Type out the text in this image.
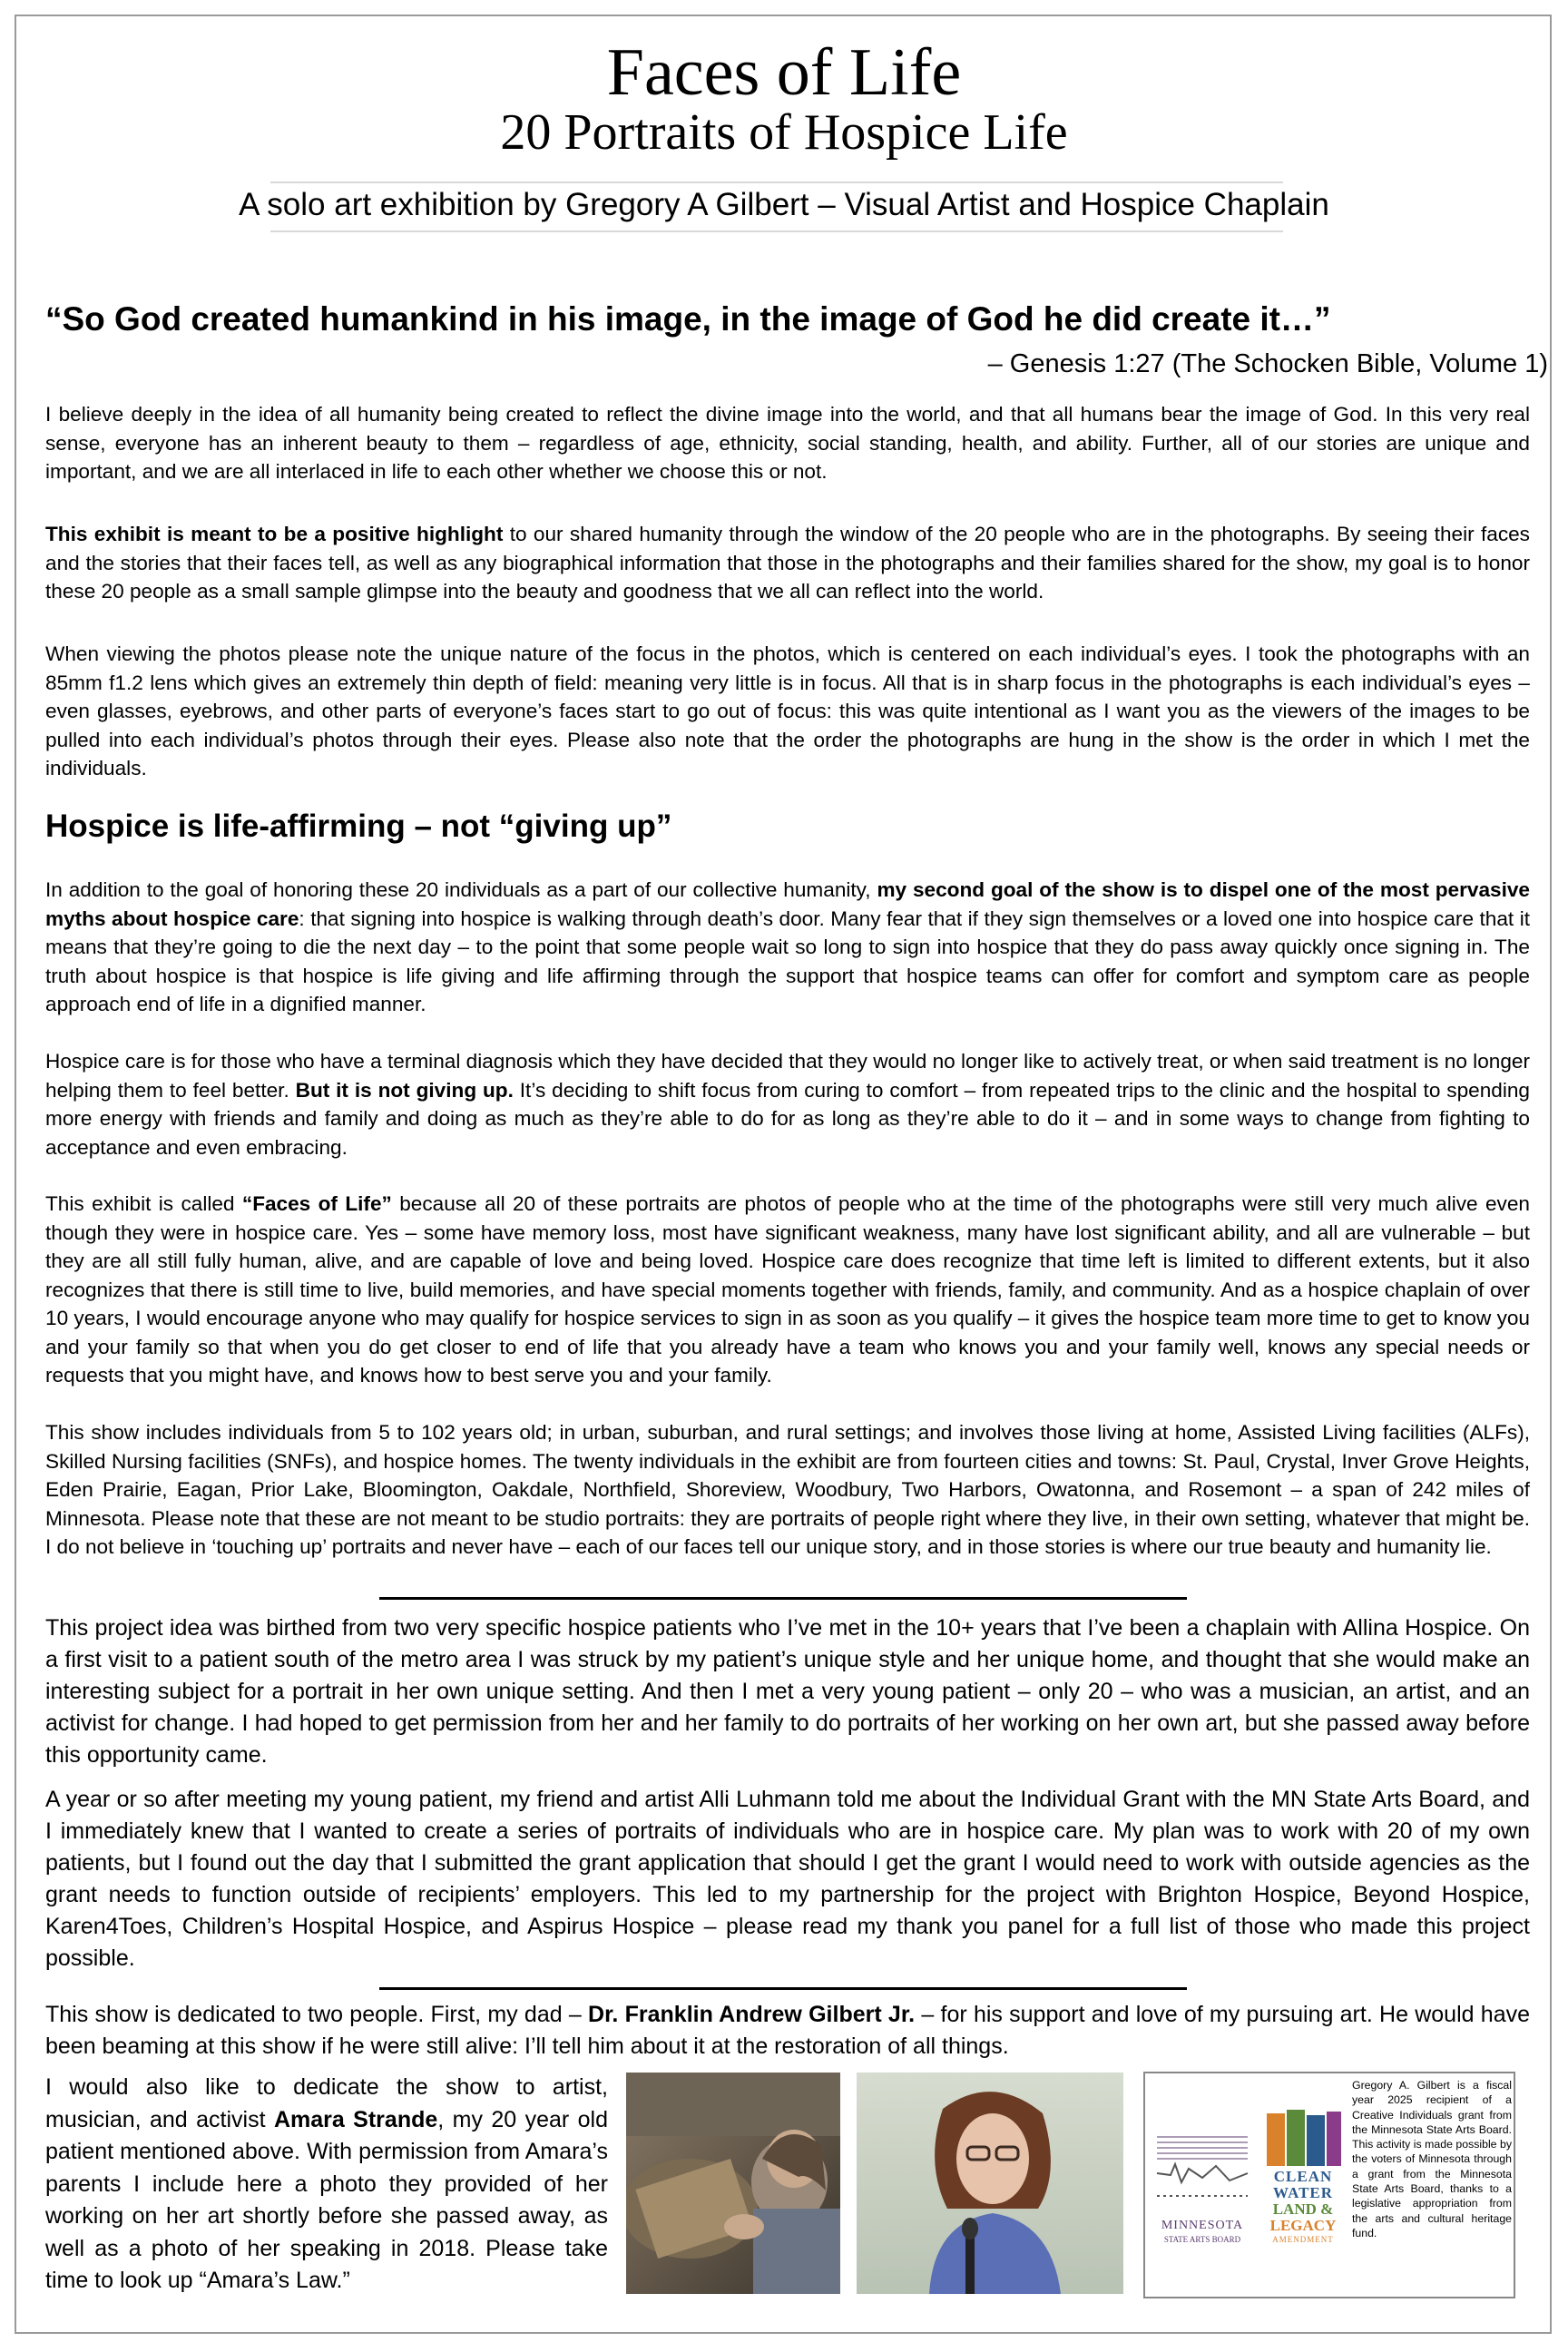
Faces of Life
20 Portraits of Hospice Life
A solo art exhibition by Gregory A Gilbert – Visual Artist and Hospice Chaplain
“So God created humankind in his image, in the image of God he did create it…”
– Genesis 1:27 (The Schocken Bible, Volume 1)

I believe deeply in the idea of all humanity being created to reflect the divine image into the world, and that all humans bear the image of God. In this very real sense, everyone has an inherent beauty to them – regardless of age, ethnicity, social standing, health, and ability. Further, all of our stories are unique and important, and we are all interlaced in life to each other whether we choose this or not.

This exhibit is meant to be a positive highlight to our shared humanity through the window of the 20 people who are in the photographs. By seeing their faces and the stories that their faces tell, as well as any biographical information that those in the photographs and their families shared for the show, my goal is to honor these 20 people as a small sample glimpse into the beauty and goodness that we all can reflect into the world.

When viewing the photos please note the unique nature of the focus in the photos, which is centered on each individual’s eyes. I took the photographs with an 85mm f1.2 lens which gives an extremely thin depth of field: meaning very little is in focus. All that is in sharp focus in the photographs is each individual’s eyes – even glasses, eyebrows, and other parts of everyone’s faces start to go out of focus: this was quite intentional as I want you as the viewers of the images to be pulled into each individual’s photos through their eyes. Please also note that the order the photographs are hung in the show is the order in which I met the individuals.

Hospice is life-affirming – not “giving up”

In addition to the goal of honoring these 20 individuals as a part of our collective humanity, my second goal of the show is to dispel one of the most pervasive myths about hospice care: that signing into hospice is walking through death’s door. Many fear that if they sign themselves or a loved one into hospice care that it means that they’re going to die the next day – to the point that some people wait so long to sign into hospice that they do pass away quickly once signing in. The truth about hospice is that hospice is life giving and life affirming through the support that hospice teams can offer for comfort and symptom care as people approach end of life in a dignified manner.

Hospice care is for those who have a terminal diagnosis which they have decided that they would no longer like to actively treat, or when said treatment is no longer helping them to feel better. But it is not giving up. It’s deciding to shift focus from curing to comfort – from repeated trips to the clinic and the hospital to spending more energy with friends and family and doing as much as they’re able to do for as long as they’re able to do it – and in some ways to change from fighting to acceptance and even embracing.

This exhibit is called “Faces of Life” because all 20 of these portraits are photos of people who at the time of the photographs were still very much alive even though they were in hospice care. Yes – some have memory loss, most have significant weakness, many have lost significant ability, and all are vulnerable – but they are all still fully human, alive, and are capable of love and being loved. Hospice care does recognize that time left is limited to different extents, but it also recognizes that there is still time to live, build memories, and have special moments together with friends, family, and community. And as a hospice chaplain of over 10 years, I would encourage anyone who may qualify for hospice services to sign in as soon as you qualify – it gives the hospice team more time to get to know you and your family so that when you do get closer to end of life that you already have a team who knows you and your family well, knows any special needs or requests that you might have, and knows how to best serve you and your family.

This show includes individuals from 5 to 102 years old; in urban, suburban, and rural settings; and involves those living at home, Assisted Living facilities (ALFs), Skilled Nursing facilities (SNFs), and hospice homes. The twenty individuals in the exhibit are from fourteen cities and towns: St. Paul, Crystal, Inver Grove Heights, Eden Prairie, Eagan, Prior Lake, Bloomington, Oakdale, Northfield, Shoreview, Woodbury, Two Harbors, Owatonna, and Rosemont – a span of 242 miles of Minnesota. Please note that these are not meant to be studio portraits: they are portraits of people right where they live, in their own setting, whatever that might be. I do not believe in ‘touching up’ portraits and never have – each of our faces tell our unique story, and in those stories is where our true beauty and humanity lie.

This project idea was birthed from two very specific hospice patients who I’ve met in the 10+ years that I’ve been a chaplain with Allina Hospice. On a first visit to a patient south of the metro area I was struck by my patient’s unique style and her unique home, and thought that she would make an interesting subject for a portrait in her own unique setting. And then I met a very young patient – only 20 – who was a musician, an artist, and an activist for change. I had hoped to get permission from her and her family to do portraits of her working on her own art, but she passed away before this opportunity came.

A year or so after meeting my young patient, my friend and artist Alli Luhmann told me about the Individual Grant with the MN State Arts Board, and I immediately knew that I wanted to create a series of portraits of individuals who are in hospice care. My plan was to work with 20 of my own patients, but I found out the day that I submitted the grant application that should I get the grant I would need to work with outside agencies as the grant needs to function outside of recipients’ employers. This led to my partnership for the project with Brighton Hospice, Beyond Hospice, Karen4Toes, Children’s Hospital Hospice, and Aspirus Hospice – please read my thank you panel for a full list of those who made this project possible.

This show is dedicated to two people. First, my dad – Dr. Franklin Andrew Gilbert Jr. – for his support and love of my pursuing art. He would have been beaming at this show if he were still alive: I’ll tell him about it at the restoration of all things.

I would also like to dedicate the show to artist, musician, and activist Amara Strande, my 20 year old patient mentioned above. With permission from Amara’s parents I include here a photo they provided of her working on her art shortly before she passed away, as well as a photo of her speaking in 2018. Please take time to look up “Amara’s Law.”

MINNESOTA
STATE ARTS BOARD
CLEAN
WATER
LAND &
LEGACY
AMENDMENT
Gregory A. Gilbert is a fiscal year 2025 recipient of a Creative Individuals grant from the Minnesota State Arts Board. This activity is made possible by the voters of Minnesota through a grant from the Minnesota State Arts Board, thanks to a legislative appropriation from the arts and cultural heritage fund.
